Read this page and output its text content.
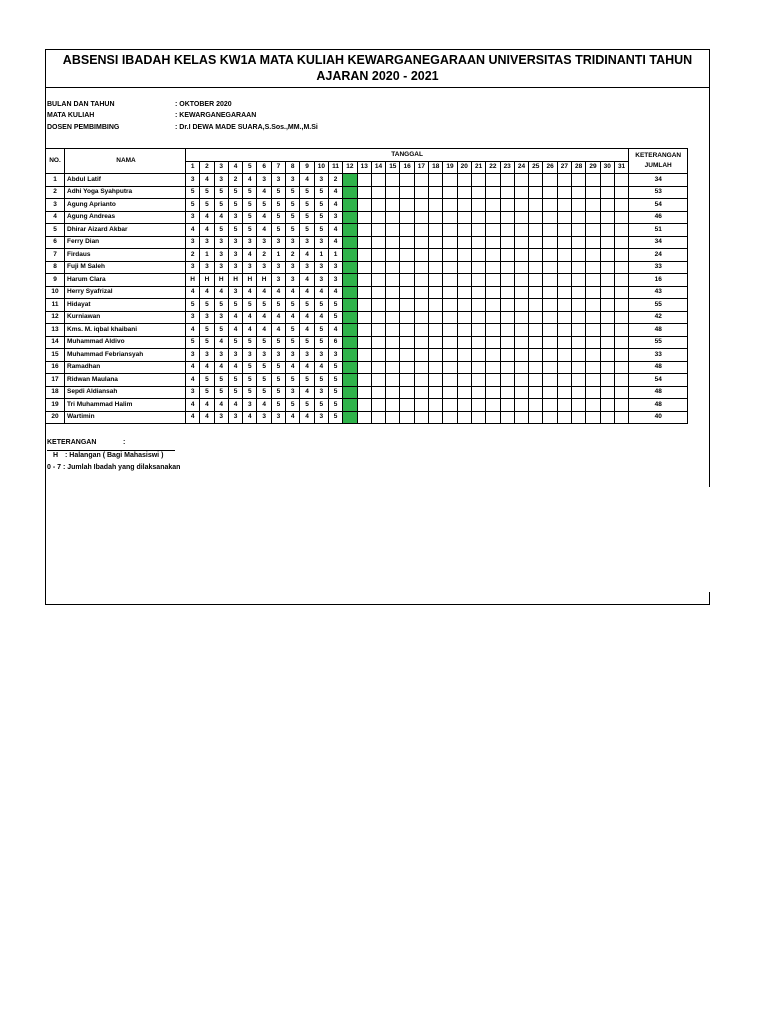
ABSENSI IBADAH KELAS KW1A MATA KULIAH KEWARGANEGARAAN UNIVERSITAS TRIDINANTI TAHUN
AJARAN 2020 - 2021
BULAN DAN TAHUN	: OKTOBER 2020
MATA KULIAH	: KEWARGANEGARAAN
DOSEN PEMBIMBING	: Dr.I DEWA MADE SUARA,S.Sos.,MM.,M.Si
NO.	NAMA	TANGGAL																															KETERANGAN
JUMLAH

		1	2	3	4	5	6	7	8	9	10	11	12	13	14	15	16	17	18	19	20	21	22	23	24	25	26	27	28	29	30	31	
1	Abdul Latif	3	4	3	2	4	3	3	3	4	3	2																					34
2	Adhi Yoga Syahputra	5	5	5	5	5	4	5	5	5	5	4																					53
3	Agung Aprianto	5	5	5	5	5	5	5	5	5	5	4																					54
4	Agung Andreas	3	4	4	3	5	4	5	5	5	5	3																					46
5	Dhirar Aizard Akbar	4	4	5	5	5	4	5	5	5	5	4																					51
6	Ferry Dian	3	3	3	3	3	3	3	3	3	3	4																					34
7	Firdaus	2	1	3	3	4	2	1	2	4	1	1																					24
8	Fuji M Saleh	3	3	3	3	3	3	3	3	3	3	3																					33
9	Harum Clara	H	H	H	H	H	H	3	3	4	3	3																					16
10	Herry Syafrizal	4	4	4	3	4	4	4	4	4	4	4																					43
11	Hidayat	5	5	5	5	5	5	5	5	5	5	5																					55
12	Kurniawan	3	3	3	4	4	4	4	4	4	4	5																					42
13	Kms. M. iqbal khaibani	4	5	5	4	4	4	4	5	4	5	4																					48
14	Muhammad Aldivo	5	5	4	5	5	5	5	5	5	5	6																					55
15	Muhammad Febriansyah	3	3	3	3	3	3	3	3	3	3	3																					33
16	Ramadhan	4	4	4	4	5	5	5	4	4	4	5																					48
17	Ridwan Maulana	4	5	5	5	5	5	5	5	5	5	5																					54
18	Sepdi Aldiansah	3	5	5	5	5	5	5	3	4	3	5																					48
19	Tri Muhammad Halim	4	4	4	4	3	4	5	5	5	5	5																					48
20	Wartimin	4	4	3	3	4	3	3	4	4	3	5																					40
KETERANGAN	:
H : Halangan ( Bagi Mahasiswi )
0 - 7 : Jumlah Ibadah yang dilaksanakan
